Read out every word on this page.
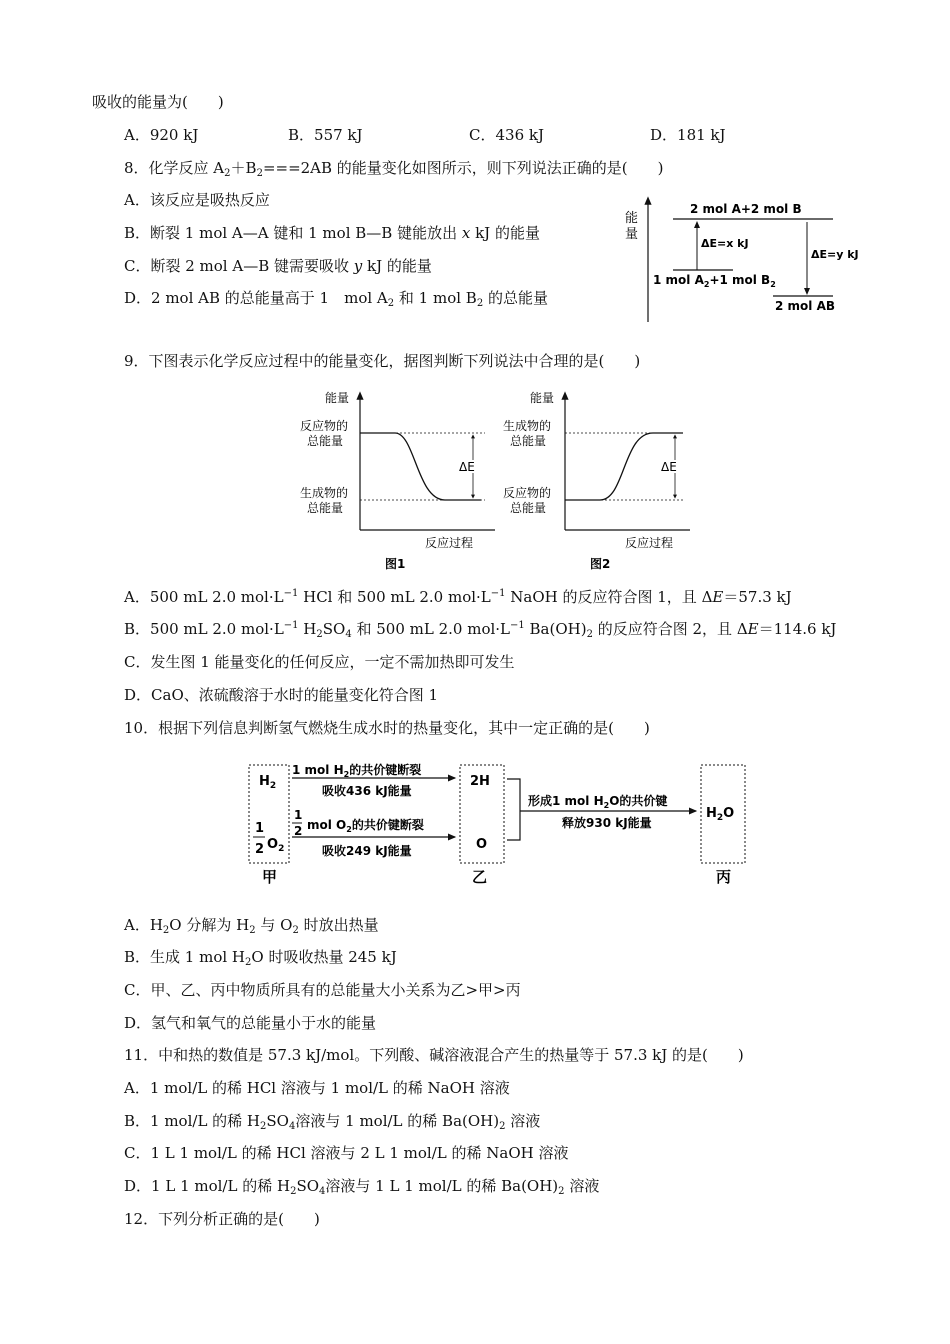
吸收的能量为(　　)
A．920 kJ	B．557 kJ	C．436 kJ	D．181 kJ
8．化学反应 $A_2+B_2===2AB$ 的能量变化如图所示，则下列说法正确的是(　　)
A．该反应是吸热反应
B．断裂 1 mol A—A 键和 1 mol B—B 键能放出 x kJ 的能量
C．断裂 2 mol A—B 键需要吸收 y kJ 的能量
D．2 mol AB 的总能量高于 1　mol $A_2$ 和 1 mol $B_2$ 的总能量
能
量
2 mol A+2 mol B
1 mol $A_2+1$ mol $B_2$
2 mol AB
ΔE=x kJ
ΔE=y kJ
9．下图表示化学反应过程中的能量变化，据图判断下列说法中合理的是(　　)
能量
反应物的
总能量
生成物的
总能量
ΔE
反应过程
图1
能量
生成物的
总能量
反应物的
总能量
ΔE
反应过程
图2
A．500 mL 2.0 $mol\cdot L^{-1}$ HCl 和 500 mL 2.0 $mol\cdot L^{-1}$ NaOH 的反应符合图 1，且 ΔE＝57.3 kJ
B．500 mL 2.0 $mol\cdot L^{-1}$ $H_2SO_4$ 和 500 mL 2.0 $mol\cdot L^{-1}$ $Ba(OH)_2$ 的反应符合图 2，且 ΔE＝114.6 kJ
C．发生图 1 能量变化的任何反应，一定不需加热即可发生
D．CaO、浓硫酸溶于水时的能量变化符合图 1
10．根据下列信息判断氢气燃烧生成水时的热量变化，其中一定正确的是(　　)
$H_2$
1
2 $O_2$
甲
1 mol $H_2$的共价键断裂
吸收436 kJ能量
1
2 mol $O_2$的共价键断裂
吸收249 kJ能量
2H
O
乙
形成1 mol $H_2O$的共价键
释放930 kJ能量
$H_2O$
丙
A．$H_2O$ 分解为 $H_2$ 与 $O_2$ 时放出热量
B．生成 1 mol $H_2O$ 时吸收热量 245 kJ
C．甲、乙、丙中物质所具有的总能量大小关系为乙>甲>丙
D．氢气和氧气的总能量小于水的能量
11．中和热的数值是 57.3 kJ/mol。下列酸、碱溶液混合产生的热量等于 57.3 kJ 的是(　　)
A．1 mol/L 的稀 HCl 溶液与 1 mol/L 的稀 NaOH 溶液
B．1 mol/L 的稀 $H_2SO_4$溶液与 1 mol/L 的稀 $Ba(OH)_2$ 溶液
C．1 L 1 mol/L 的稀 HCl 溶液与 2 L 1 mol/L 的稀 NaOH 溶液
D．1 L 1 mol/L 的稀 $H_2SO_4$溶液与 1 L 1 mol/L 的稀 $Ba(OH)_2$ 溶液
12．下列分析正确的是(　　)
